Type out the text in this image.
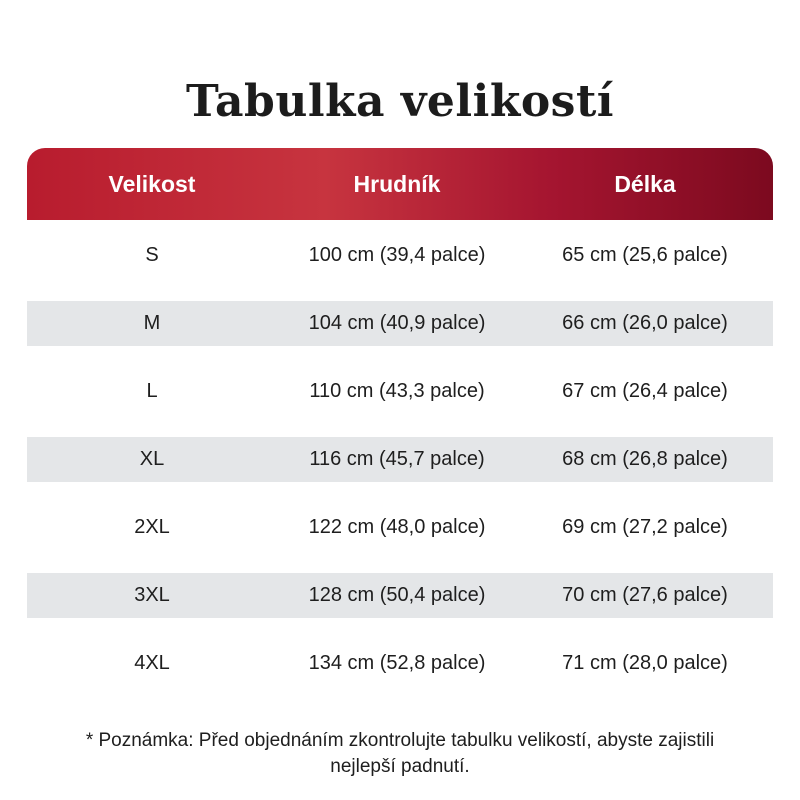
Tabulka velikostí
Velikost	Hrudník	Délka
S	100 cm (39,4 palce)	65 cm (25,6 palce)
M	104 cm (40,9 palce)	66 cm (26,0 palce)
L	110 cm (43,3 palce)	67 cm (26,4 palce)
XL	116 cm (45,7 palce)	68 cm (26,8 palce)
2XL	122 cm (48,0 palce)	69 cm (27,2 palce)
3XL	128 cm (50,4 palce)	70 cm (27,6 palce)
4XL	134 cm (52,8 palce)	71 cm (28,0 palce)
* Poznámka: Před objednáním zkontrolujte tabulku velikostí, abyste zajistili nejlepší padnutí.
